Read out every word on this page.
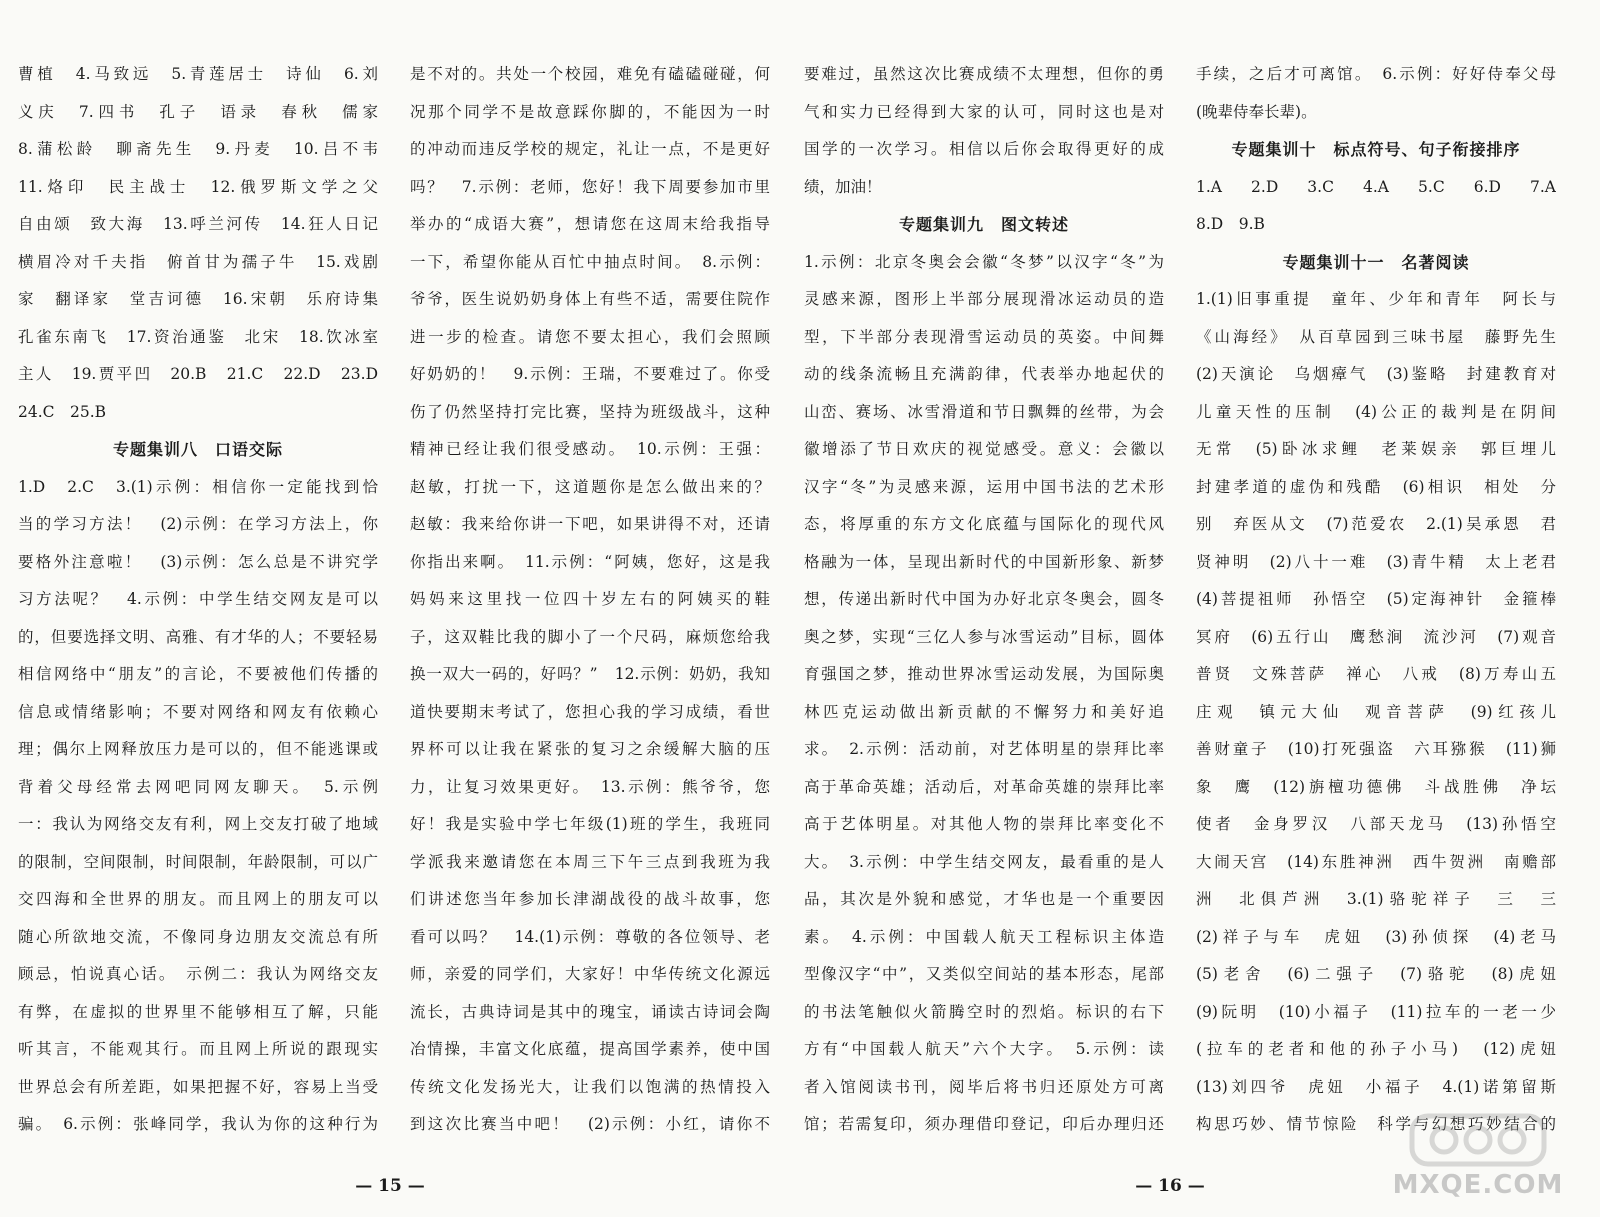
曹植　4.马致远　5.青莲居士　诗仙　6.刘
义庆　7.四书　孔子　语录　春秋　儒家
8.蒲松龄　聊斋先生　9.丹麦　10.吕不韦
11.烙印　民主战士　12.俄罗斯文学之父
自由颂　致大海　13.呼兰河传　14.狂人日记
横眉冷对千夫指　俯首甘为孺子牛　15.戏剧
家　翻译家　堂吉诃德　16.宋朝　乐府诗集
孔雀东南飞　17.资治通鉴　北宋　18.饮冰室
主人　19.贾平凹　20.B　21.C　22.D　23.D
24.C　25.B
专题集训八　口语交际
1.D　2.C　3.(1)示例：相信你一定能找到恰
当的学习方法！　(2)示例：在学习方法上，你
要格外注意啦！　(3)示例：怎么总是不讲究学
习方法呢？　4.示例：中学生结交网友是可以
的，但要选择文明、高雅、有才华的人；不要轻易
相信网络中“朋友”的言论，不要被他们传播的
信息或情绪影响；不要对网络和网友有依赖心
理；偶尔上网释放压力是可以的，但不能逃课或
背着父母经常去网吧同网友聊天。　5.示例
一：我认为网络交友有利，网上交友打破了地域
的限制，空间限制，时间限制，年龄限制，可以广
交四海和全世界的朋友。而且网上的朋友可以
随心所欲地交流，不像同身边朋友交流总有所
顾忌，怕说真心话。　示例二：我认为网络交友
有弊，在虚拟的世界里不能够相互了解，只能
听其言，不能观其行。而且网上所说的跟现实
世界总会有所差距，如果把握不好，容易上当受
骗。　6.示例：张峰同学，我认为你的这种行为
是不对的。共处一个校园，难免有磕磕碰碰，何
况那个同学不是故意踩你脚的，不能因为一时
的冲动而违反学校的规定，礼让一点，不是更好
吗？　7.示例：老师，您好！我下周要参加市里
举办的“成语大赛”，想请您在这周末给我指导
一下，希望你能从百忙中抽点时间。　8.示例：
爷爷，医生说奶奶身体上有些不适，需要住院作
进一步的检查。请您不要太担心，我们会照顾
好奶奶的！　9.示例：王瑞，不要难过了。你受
伤了仍然坚持打完比赛，坚持为班级战斗，这种
精神已经让我们很受感动。　10.示例：王强：
赵敏，打扰一下，这道题你是怎么做出来的？
赵敏：我来给你讲一下吧，如果讲得不对，还请
你指出来啊。　11.示例：“阿姨，您好，这是我
妈妈来这里找一位四十岁左右的阿姨买的鞋
子，这双鞋比我的脚小了一个尺码，麻烦您给我
换一双大一码的，好吗？”　12.示例：奶奶，我知
道快要期末考试了，您担心我的学习成绩，看世
界杯可以让我在紧张的复习之余缓解大脑的压
力，让复习效果更好。　13.示例：熊爷爷，您
好！我是实验中学七年级(1)班的学生，我班同
学派我来邀请您在本周三下午三点到我班为我
们讲述您当年参加长津湖战役的战斗故事，您
看可以吗？　14.(1)示例：尊敬的各位领导、老
师，亲爱的同学们，大家好！中华传统文化源远
流长，古典诗词是其中的瑰宝，诵读古诗词会陶
冶情操，丰富文化底蕴，提高国学素养，使中国
传统文化发扬光大，让我们以饱满的热情投入
到这次比赛当中吧！　(2)示例：小红，请你不
要难过，虽然这次比赛成绩不太理想，但你的勇
气和实力已经得到大家的认可，同时这也是对
国学的一次学习。相信以后你会取得更好的成
绩，加油！
专题集训九　图文转述
1.示例：北京冬奥会会徽“冬梦”以汉字“冬”为
灵感来源，图形上半部分展现滑冰运动员的造
型，下半部分表现滑雪运动员的英姿。中间舞
动的线条流畅且充满韵律，代表举办地起伏的
山峦、赛场、冰雪滑道和节日飘舞的丝带，为会
徽增添了节日欢庆的视觉感受。意义：会徽以
汉字“冬”为灵感来源，运用中国书法的艺术形
态，将厚重的东方文化底蕴与国际化的现代风
格融为一体，呈现出新时代的中国新形象、新梦
想，传递出新时代中国为办好北京冬奥会，圆冬
奥之梦，实现“三亿人参与冰雪运动”目标，圆体
育强国之梦，推动世界冰雪运动发展，为国际奥
林匹克运动做出新贡献的不懈努力和美好追
求。　2.示例：活动前，对艺体明星的崇拜比率
高于革命英雄；活动后，对革命英雄的崇拜比率
高于艺体明星。对其他人物的崇拜比率变化不
大。　3.示例：中学生结交网友，最看重的是人
品，其次是外貌和感觉，才华也是一个重要因
素。　4.示例：中国载人航天工程标识主体造
型像汉字“中”，又类似空间站的基本形态，尾部
的书法笔触似火箭腾空时的烈焰。标识的右下
方有“中国载人航天”六个大字。　5.示例：读
者入馆阅读书刊，阅毕后将书归还原处方可离
馆；若需复印，须办理借印登记，印后办理归还
手续，之后才可离馆。　6.示例：好好侍奉父母
(晚辈侍奉长辈)。
专题集训十　标点符号、句子衔接排序
1.A　2.D　3.C　4.A　5.C　6.D　7.A
8.D　9.B
专题集训十一　名著阅读
1.(1)旧事重提　童年、少年和青年　阿长与
《山海经》　从百草园到三味书屋　藤野先生
(2)天演论　乌烟瘴气　(3)鉴略　封建教育对
儿童天性的压制　(4)公正的裁判是在阴间
无常　(5)卧冰求鲤　老莱娱亲　郭巨埋儿
封建孝道的虚伪和残酷　(6)相识　相处　分
别　弃医从文　(7)范爱农　2.(1)吴承恩　君
贤神明　(2)八十一难　(3)青牛精　太上老君
(4)菩提祖师　孙悟空　(5)定海神针　金箍棒
冥府　(6)五行山　鹰愁涧　流沙河　(7)观音
普贤　文殊菩萨　禅心　八戒　(8)万寿山五
庄观　镇元大仙　观音菩萨　(9)红孩儿
善财童子　(10)打死强盗　六耳猕猴　(11)狮
象　鹰　(12)旃檀功德佛　斗战胜佛　净坛
使者　金身罗汉　八部天龙马　(13)孙悟空
大闹天宫　(14)东胜神洲　西牛贺洲　南赡部
洲　北俱芦洲　3.(1)骆驼祥子　三　三
(2)祥子与车　虎妞　(3)孙侦探　(4)老马
(5)老舍　(6)二强子　(7)骆驼　(8)虎妞
(9)阮明　(10)小福子　(11)拉车的一老一少
(拉车的老者和他的孙子小马)　(12)虎妞
(13)刘四爷　虎妞　小福子　4.(1)诺第留斯
构思巧妙、情节惊险　科学与幻想巧妙结合的
— 15 —	— 16 —	MXQE.COM
